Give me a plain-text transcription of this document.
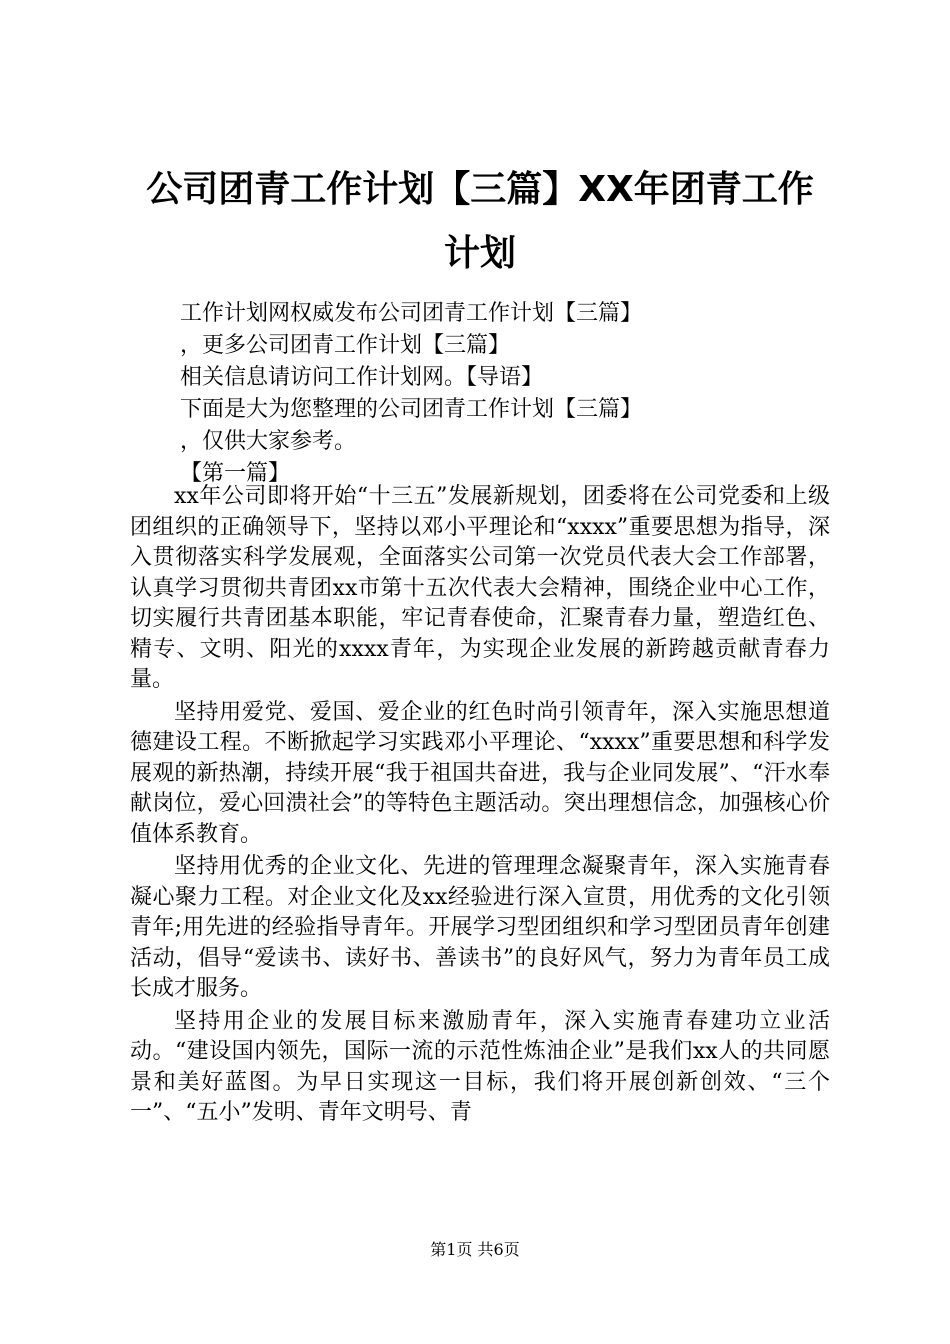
公司团青工作计划【三篇】XX年团青工作计划
工作计划网权威发布公司团青工作计划【三篇】
，更多公司团青工作计划【三篇】
相关信息请访问工作计划网。【导语】
下面是大为您整理的公司团青工作计划【三篇】
，仅供大家参考。
【第一篇】

xx年公司即将开始“十三五”发展新规划，团委将在公司党委和上级团组织的正确领导下，坚持以邓小平理论和“xxxx”重要思想为指导，深入贯彻落实科学发展观，全面落实公司第一次党员代表大会工作部署，认真学习贯彻共青团xx市第十五次代表大会精神，围绕企业中心工作，切实履行共青团基本职能，牢记青春使命，汇聚青春力量，塑造红色、精专、文明、阳光的xxxx青年，为实现企业发展的新跨越贡献青春力量。

坚持用爱党、爱国、爱企业的红色时尚引领青年，深入实施思想道德建设工程。不断掀起学习实践邓小平理论、“xxxx”重要思想和科学发展观的新热潮，持续开展“我于祖国共奋进，我与企业同发展”、“汗水奉献岗位，爱心回溃社会”的等特色主题活动。突出理想信念，加强核心价值体系教育。

坚持用优秀的企业文化、先进的管理理念凝聚青年，深入实施青春凝心聚力工程。对企业文化及xx经验进行深入宣贯，用优秀的文化引领青年;用先进的经验指导青年。开展学习型团组织和学习型团员青年创建活动，倡导“爱读书、读好书、善读书”的良好风气，努力为青年员工成长成才服务。

坚持用企业的发展目标来激励青年，深入实施青春建功立业活动。“建设国内领先，国际一流的示范性炼油企业”是我们xx人的共同愿景和美好蓝图。为早日实现这一目标，我们将开展创新创效、“三个一”、“五小”发明、青年文明号、青

第1页 共6页
